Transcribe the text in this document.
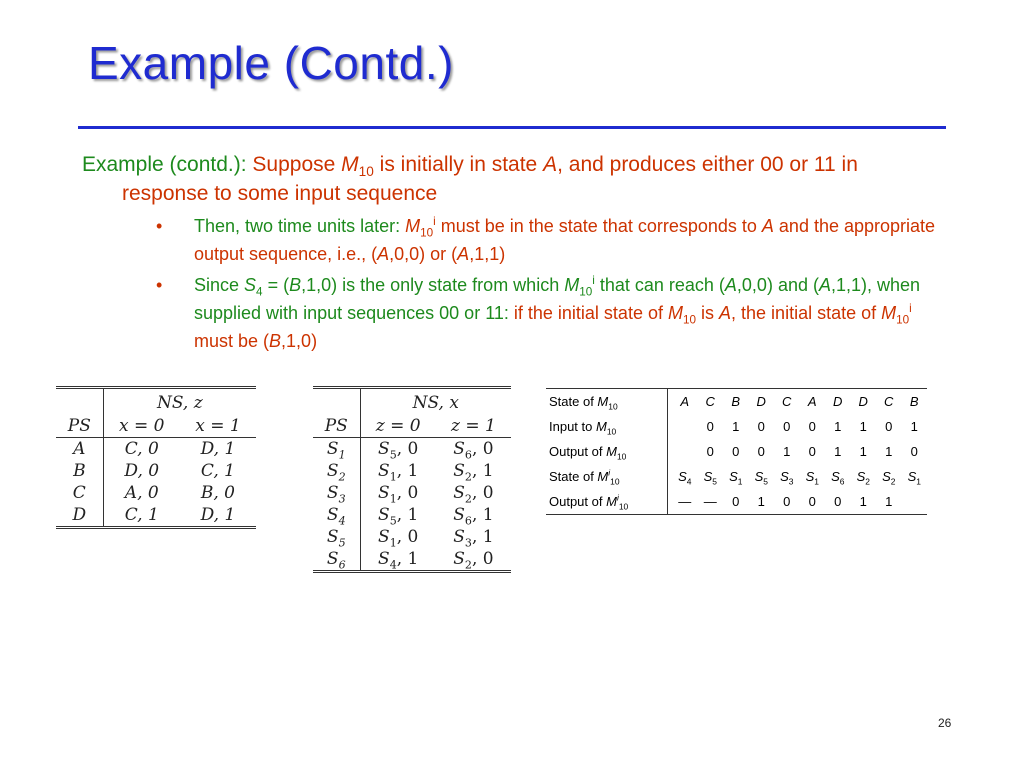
Example (Contd.)

Example (contd.): Suppose $M_{10}$ is initially in state A, and produces either 00 or 11 in response to some input sequence

• Then, two time units later: $M_{10}^i$ must be in the state that corresponds to A and the appropriate output sequence, i.e., (A,0,0) or (A,1,1)
• Since $S_4 = (B,1,0)$ is the only state from which $M_{10}^i$ that can reach (A,0,0) and (A,1,1), when supplied with input sequences 00 or 11: if the initial state of $M_{10}$ is A, the initial state of $M_{10}^i$ must be (B,1,0)
	NS, z	
PS	x = 0	x = 1
A	C, 0	D, 1
B	D, 0	C, 1
C	A, 0	B, 0
D	C, 1	D, 1
	NS, x	
PS	z = 0	z = 1
$S_1$	$S_5$, 0	$S_6$, 0
$S_2$	$S_1$, 1	$S_2$, 1
$S_3$	$S_1$, 0	$S_2$, 0
$S_4$	$S_5$, 1	$S_6$, 1
$S_5$	$S_1$, 0	$S_3$, 1
$S_6$	$S_4$, 1	$S_2$, 0
State of $M_{10}$	A	C	B	D	C	A	D	D	C	B
Input to $M_{10}$		0	1	0	0	0	1	1	0	1
Output of $M_{10}$		0	0	0	1	0	1	1	1	0
State of $M^i_{10}$	$S_4$	$S_5$	$S_1$	$S_5$	$S_3$	$S_1$	$S_6$	$S_2$	$S_2$	$S_1$
Output of $M^i_{10}$	—	—	0	1	0	0	0	1	1	
26
